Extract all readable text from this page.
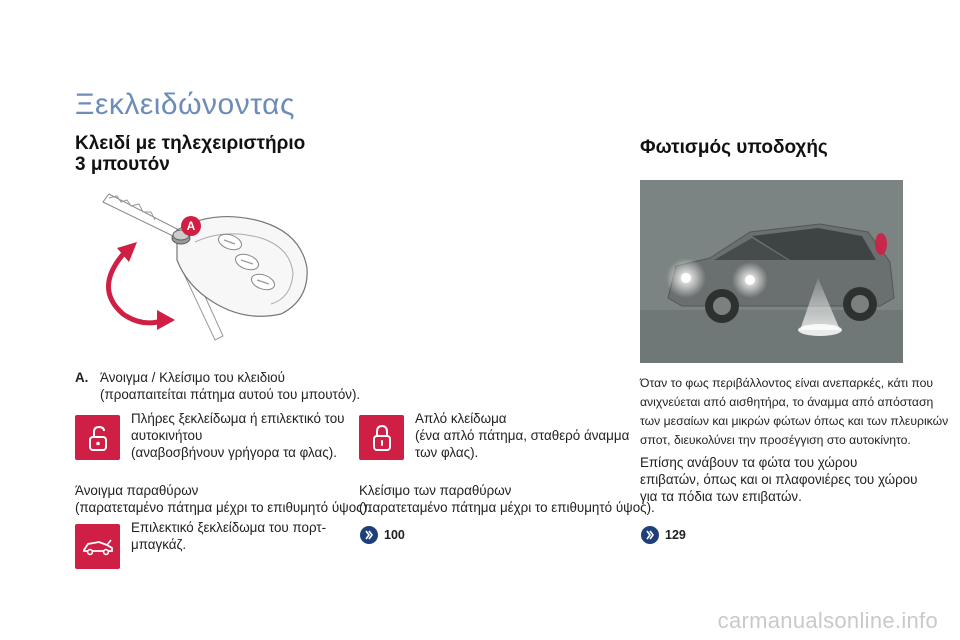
Ξεκλειδώνοντας
Κλειδί με τηλεχειριστήριο
3 μπουτόν
A
A. Άνοιγμα / Κλείσιμο του κλειδιού
(προαπαιτείται πάτημα αυτού του μπουτόν).
Πλήρες ξεκλείδωμα ή επιλεκτικό του
αυτοκινήτου
(αναβοσβήνουν γρήγορα τα φλας).
Άνοιγμα παραθύρων
(παρατεταμένο πάτημα μέχρι το επιθυμητό ύψος).
Επιλεκτικό ξεκλείδωμα του πορτ-
μπαγκάζ.
Απλό κλείδωμα
(ένα απλό πάτημα, σταθερό άναμμα
των φλας).
Κλείσιμο των παραθύρων
(παρατεταμένο πάτημα μέχρι το επιθυμητό ύψος).
100
Φωτισμός υποδοχής
Όταν το φως περιβάλλοντος είναι ανεπαρκές, κάτι που
ανιχνεύεται από αισθητήρα, το άναμμα από απόσταση
των μεσαίων και μικρών φώτων όπως και των πλευρικών
σποτ, διευκολύνει την προσέγγιση στο αυτοκίνητο.
Επίσης ανάβουν τα φώτα του χώρου
επιβατών, όπως και οι πλαφονιέρες του χώρου
για τα πόδια των επιβατών.
129
carmanualsonline.info
